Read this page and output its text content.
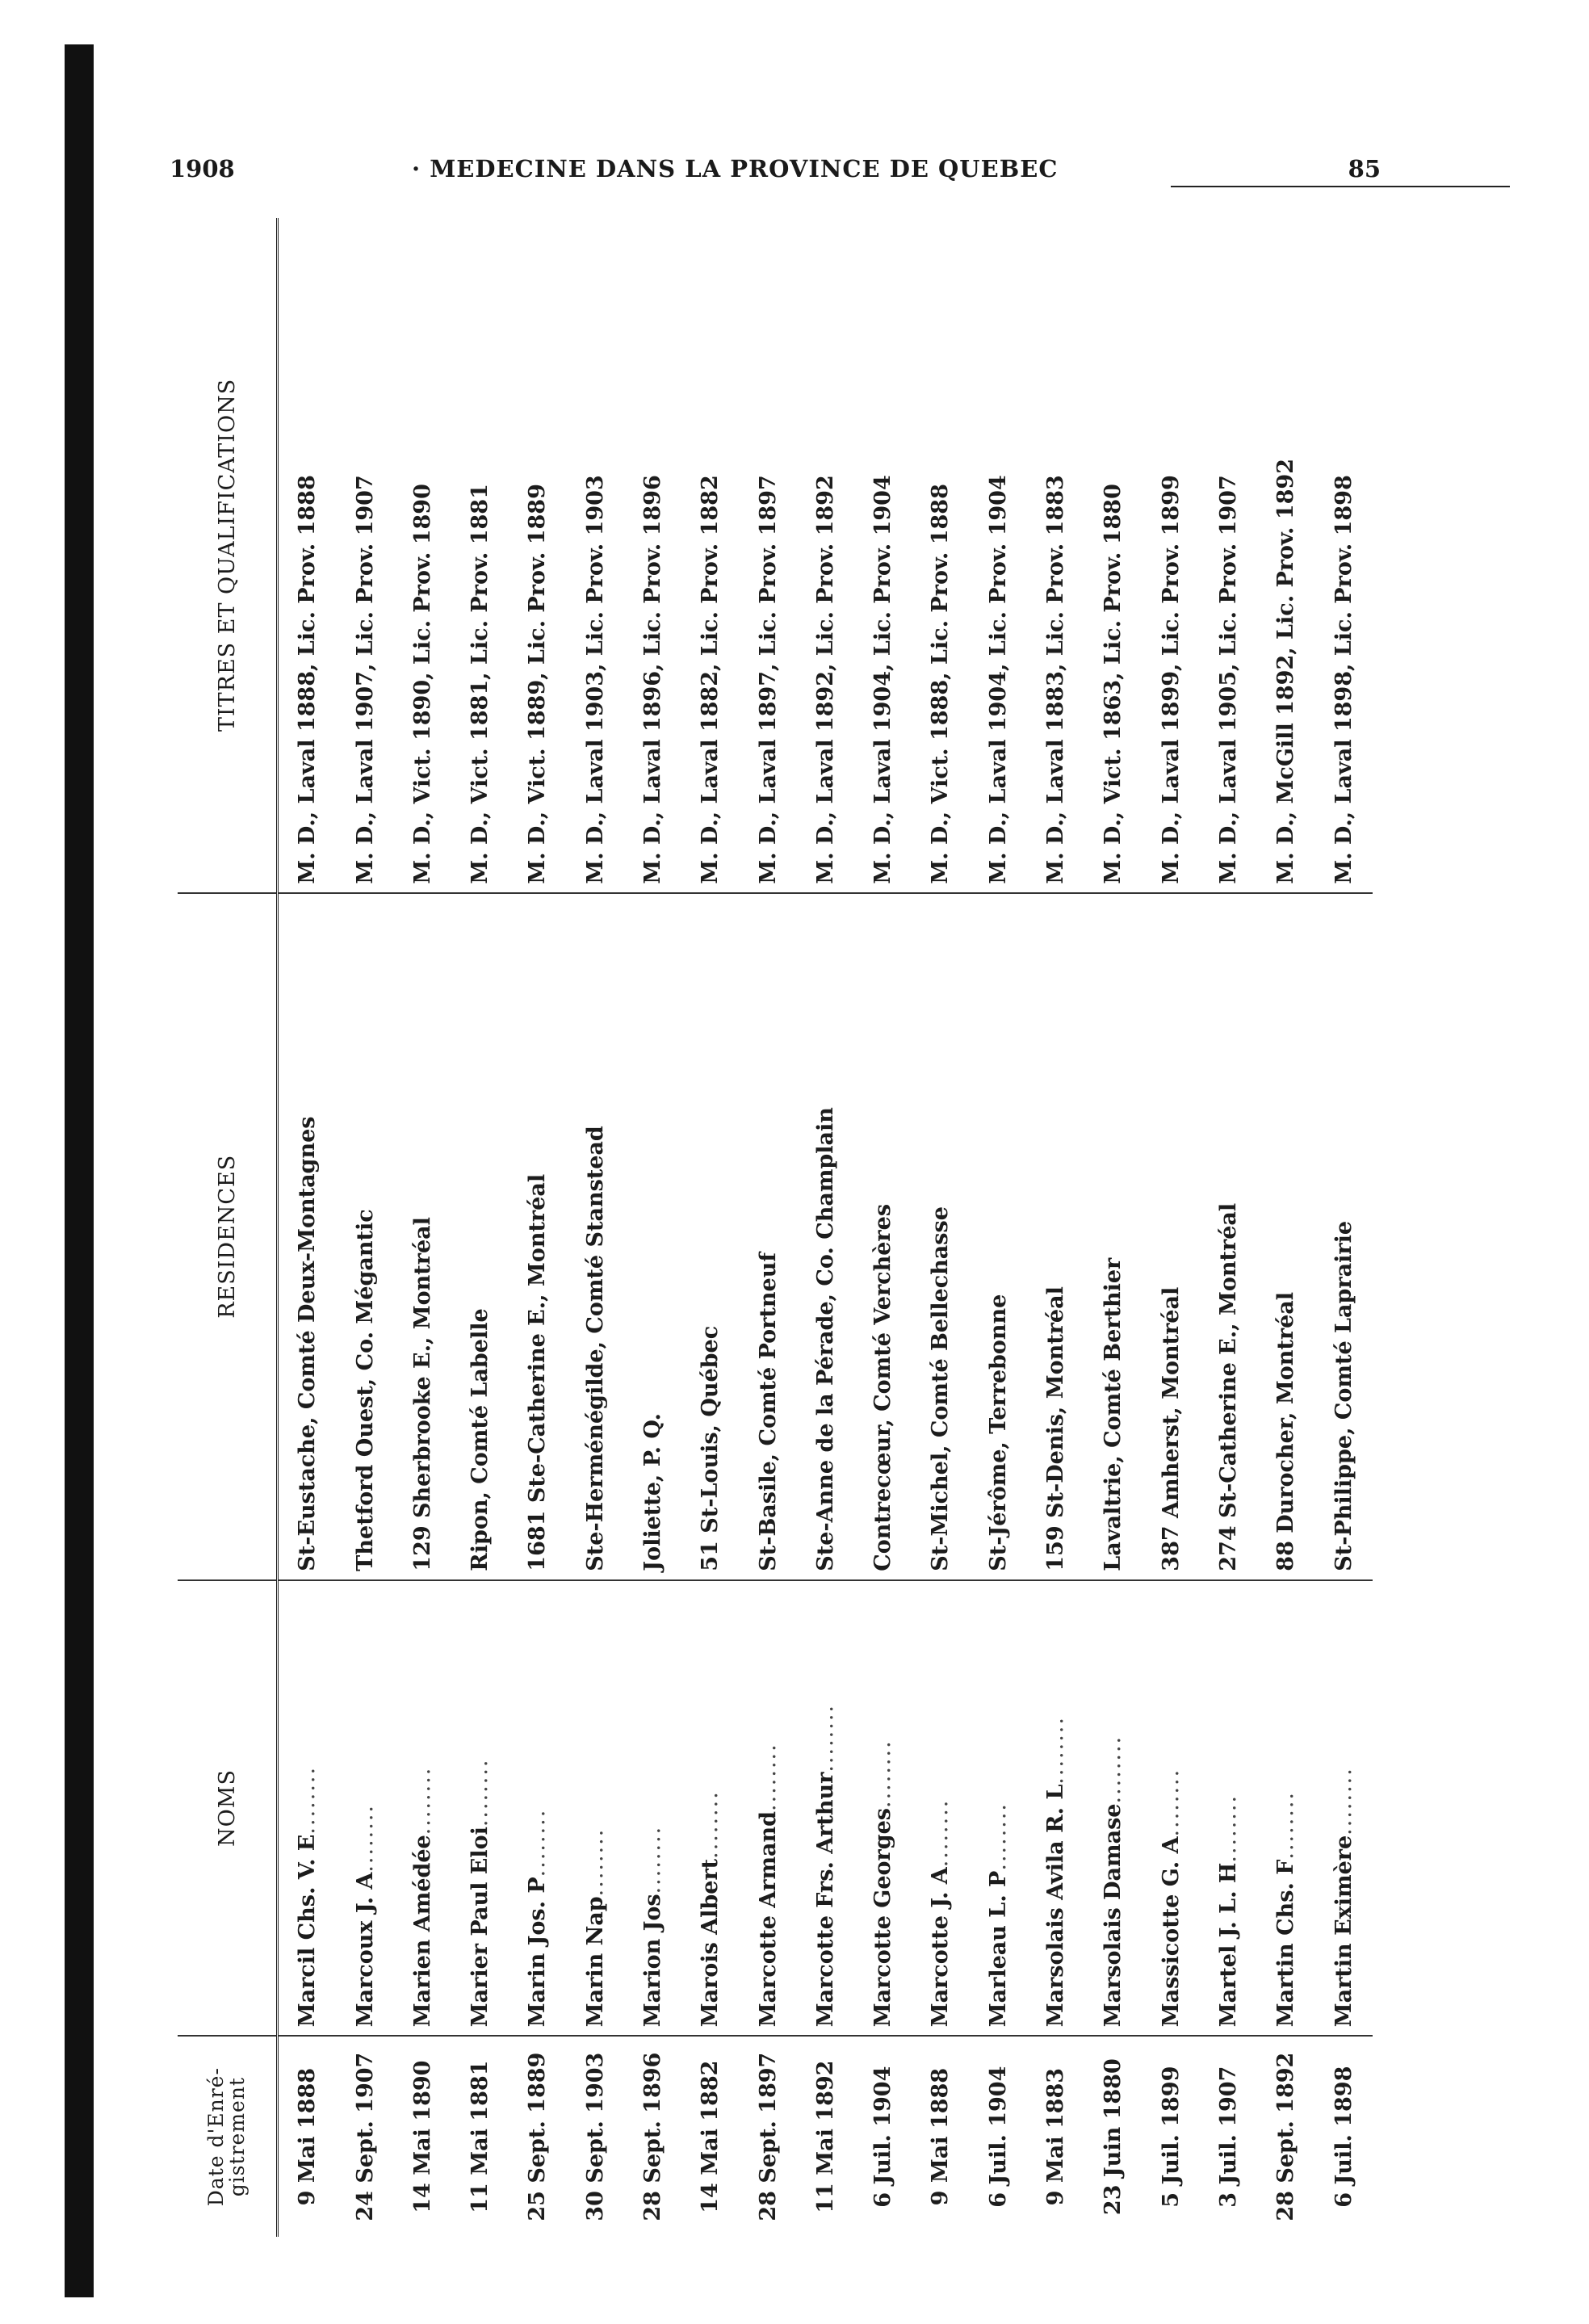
1908	· MEDECINE DANS LA PROVINCE DE QUEBEC	85
Date d'Enré- gistrement	NOMS	RESIDENCES	TITRES ET QUALIFICATIONS
9 Mai 1888	Marcil Chs. V. E........	St-Eustache, Comté Deux-Montagnes	M. D., Laval 1888, Lic. Prov. 1888
24 Sept. 1907	Marcoux J. A........	Thetford Ouest, Co. Mégantic	M. D., Laval 1907, Lic. Prov. 1907
14 Mai 1890	Marien Amédée........	129 Sherbrooke E., Montréal	M. D., Vict. 1890, Lic. Prov. 1890
11 Mai 1881	Marier Paul Eloi........	Ripon, Comté Labelle	M. D., Vict. 1881, Lic. Prov. 1881
25 Sept. 1889	Marin Jos. P........	1681 Ste-Catherine E., Montréal	M. D., Vict. 1889, Lic. Prov. 1889
30 Sept. 1903	Marin Nap........	Ste-Herménégilde, Comté Stanstead	M. D., Laval 1903, Lic. Prov. 1903
28 Sept. 1896	Marion Jos........	Joliette, P. Q.	M. D., Laval 1896, Lic. Prov. 1896
14 Mai 1882	Marois Albert........	51 St-Louis, Québec	M. D., Laval 1882, Lic. Prov. 1882
28 Sept. 1897	Marcotte Armand........	St-Basile, Comté Portneuf	M. D., Laval 1897, Lic. Prov. 1897
11 Mai 1892	Marcotte Frs. Arthur........	Ste-Anne de la Pérade, Co. Champlain	M. D., Laval 1892, Lic. Prov. 1892
6 Juil. 1904	Marcotte Georges........	Contrecœur, Comté Verchères	M. D., Laval 1904, Lic. Prov. 1904
9 Mai 1888	Marcotte J. A........	St-Michel, Comté Bellechasse	M. D., Vict. 1888, Lic. Prov. 1888
6 Juil. 1904	Marleau L. P........	St-Jérôme, Terrebonne	M. D., Laval 1904, Lic. Prov. 1904
9 Mai 1883	Marsolais Avila R. L........	159 St-Denis, Montréal	M. D., Laval 1883, Lic. Prov. 1883
23 Juin 1880	Marsolais Damase........	Lavaltrie, Comté Berthier	M. D., Vict. 1863, Lic. Prov. 1880
5 Juil. 1899	Massicotte G. A........	387 Amherst, Montréal	M. D., Laval 1899, Lic. Prov. 1899
3 Juil. 1907	Martel J. L. H........	274 St-Catherine E., Montréal	M. D., Laval 1905, Lic. Prov. 1907
28 Sept. 1892	Martin Chs. F........	88 Durocher, Montréal	M. D., McGill 1892, Lic. Prov. 1892
6 Juil. 1898	Martin Eximère........	St-Philippe, Comté Laprairie	M. D., Laval 1898, Lic. Prov. 1898
